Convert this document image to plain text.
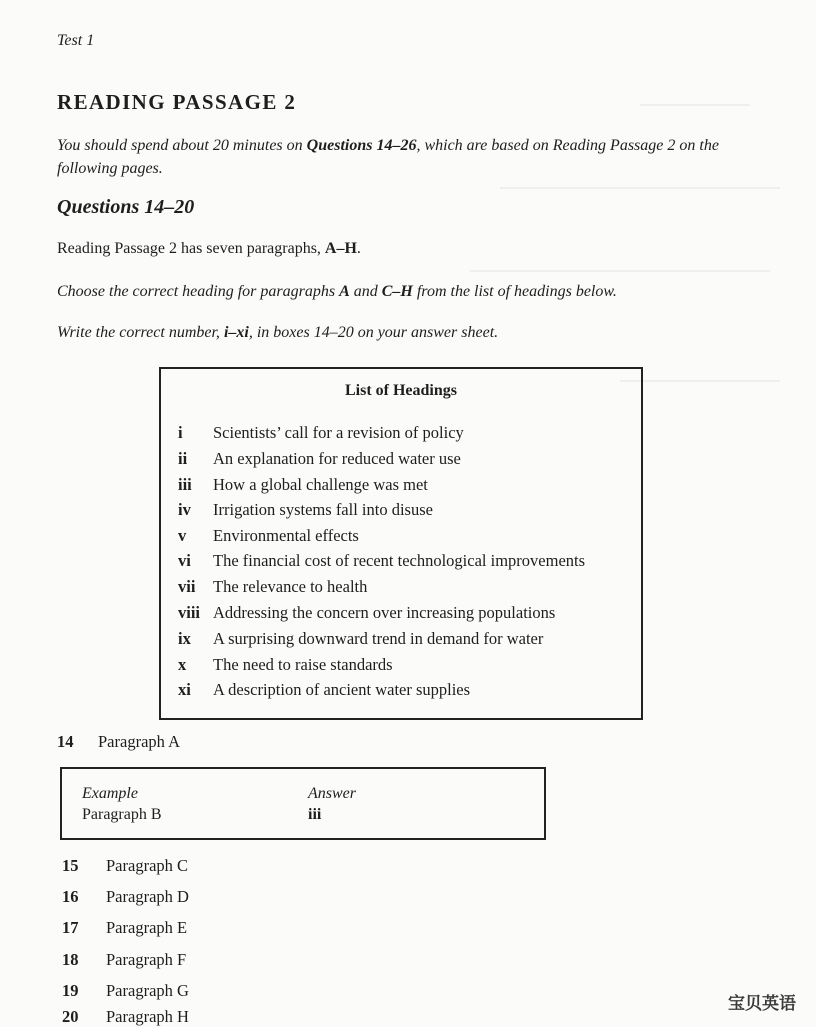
Test 1
READING PASSAGE 2
You should spend about 20 minutes on Questions 14–26, which are based on Reading Passage 2 on the following pages.
Questions 14–20
Reading Passage 2 has seven paragraphs, A–H.
Choose the correct heading for paragraphs A and C–H from the list of headings below.
Write the correct number, i–xi, in boxes 14–20 on your answer sheet.
List of Headings
i Scientists’ call for a revision of policy
ii An explanation for reduced water use
iii How a global challenge was met
iv Irrigation systems fall into disuse
v Environmental effects
vi The financial cost of recent technological improvements
vii The relevance to health
viii Addressing the concern over increasing populations
ix A surprising downward trend in demand for water
x The need to raise standards
xi A description of ancient water supplies
14 Paragraph A
Example
Paragraph B
Answer
iii
15 Paragraph C
16 Paragraph D
17 Paragraph E
18 Paragraph F
19 Paragraph G
20 Paragraph H
宝贝英语
